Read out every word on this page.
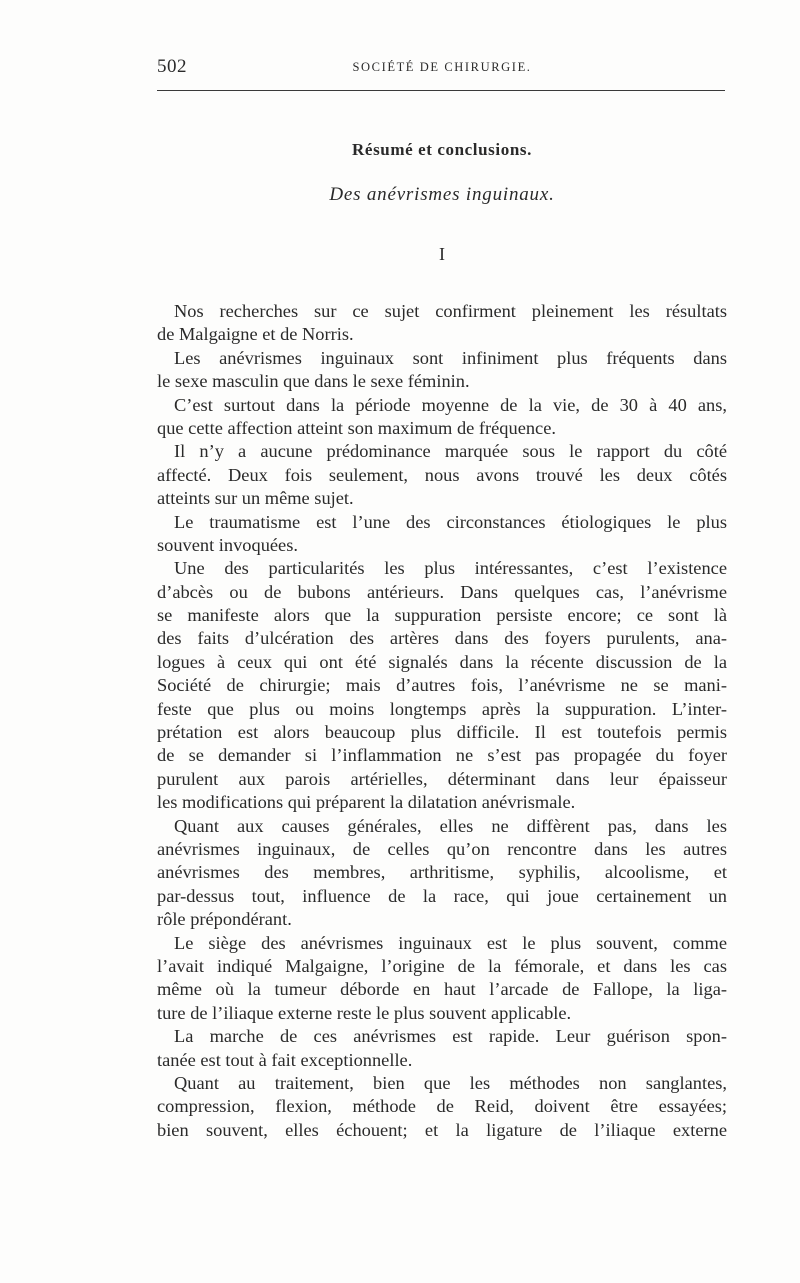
502	SOCIÉTÉ DE CHIRURGIE.
Résumé et conclusions.
Des anévrismes inguinaux.
I
Nos recherches sur ce sujet confirment pleinement les résultats
de Malgaigne et de Norris.
Les anévrismes inguinaux sont infiniment plus fréquents dans
le sexe masculin que dans le sexe féminin.
C’est surtout dans la période moyenne de la vie, de 30 à 40 ans,
que cette affection atteint son maximum de fréquence.
Il n’y a aucune prédominance marquée sous le rapport du côté
affecté. Deux fois seulement, nous avons trouvé les deux côtés
atteints sur un même sujet.
Le traumatisme est l’une des circonstances étiologiques le plus
souvent invoquées.
Une des particularités les plus intéressantes, c’est l’existence
d’abcès ou de bubons antérieurs. Dans quelques cas, l’anévrisme
se manifeste alors que la suppuration persiste encore; ce sont là
des faits d’ulcération des artères dans des foyers purulents, ana-
logues à ceux qui ont été signalés dans la récente discussion de la
Société de chirurgie; mais d’autres fois, l’anévrisme ne se mani-
feste que plus ou moins longtemps après la suppuration. L’inter-
prétation est alors beaucoup plus difficile. Il est toutefois permis
de se demander si l’inflammation ne s’est pas propagée du foyer
purulent aux parois artérielles, déterminant dans leur épaisseur
les modifications qui préparent la dilatation anévrismale.
Quant aux causes générales, elles ne diffèrent pas, dans les
anévrismes inguinaux, de celles qu’on rencontre dans les autres
anévrismes des membres, arthritisme, syphilis, alcoolisme, et
par-dessus tout, influence de la race, qui joue certainement un
rôle prépondérant.
Le siège des anévrismes inguinaux est le plus souvent, comme
l’avait indiqué Malgaigne, l’origine de la fémorale, et dans les cas
même où la tumeur déborde en haut l’arcade de Fallope, la liga-
ture de l’iliaque externe reste le plus souvent applicable.
La marche de ces anévrismes est rapide. Leur guérison spon-
tanée est tout à fait exceptionnelle.
Quant au traitement, bien que les méthodes non sanglantes,
compression, flexion, méthode de Reid, doivent être essayées;
bien souvent, elles échouent; et la ligature de l’iliaque externe
